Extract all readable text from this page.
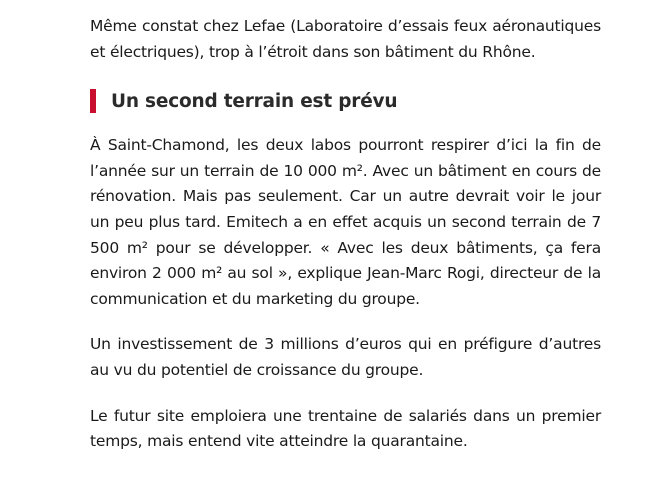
Même constat chez Lefae (Laboratoire d’essais feux aéronautiques et électriques), trop à l’étroit dans son bâtiment du Rhône.

Un second terrain est prévu

À Saint-Chamond, les deux labos pourront respirer d’ici la fin de l’année sur un terrain de 10 000 m². Avec un bâtiment en cours de rénovation. Mais pas seulement. Car un autre devrait voir le jour un peu plus tard. Emitech a en effet acquis un second terrain de 7 500 m² pour se développer. « Avec les deux bâtiments, ça fera environ 2 000 m² au sol », explique Jean-Marc Rogi, directeur de la communication et du marketing du groupe.

Un investissement de 3 millions d’euros qui en préfigure d’autres au vu du potentiel de croissance du groupe.

Le futur site emploiera une trentaine de salariés dans un premier temps, mais entend vite atteindre la quarantaine.
